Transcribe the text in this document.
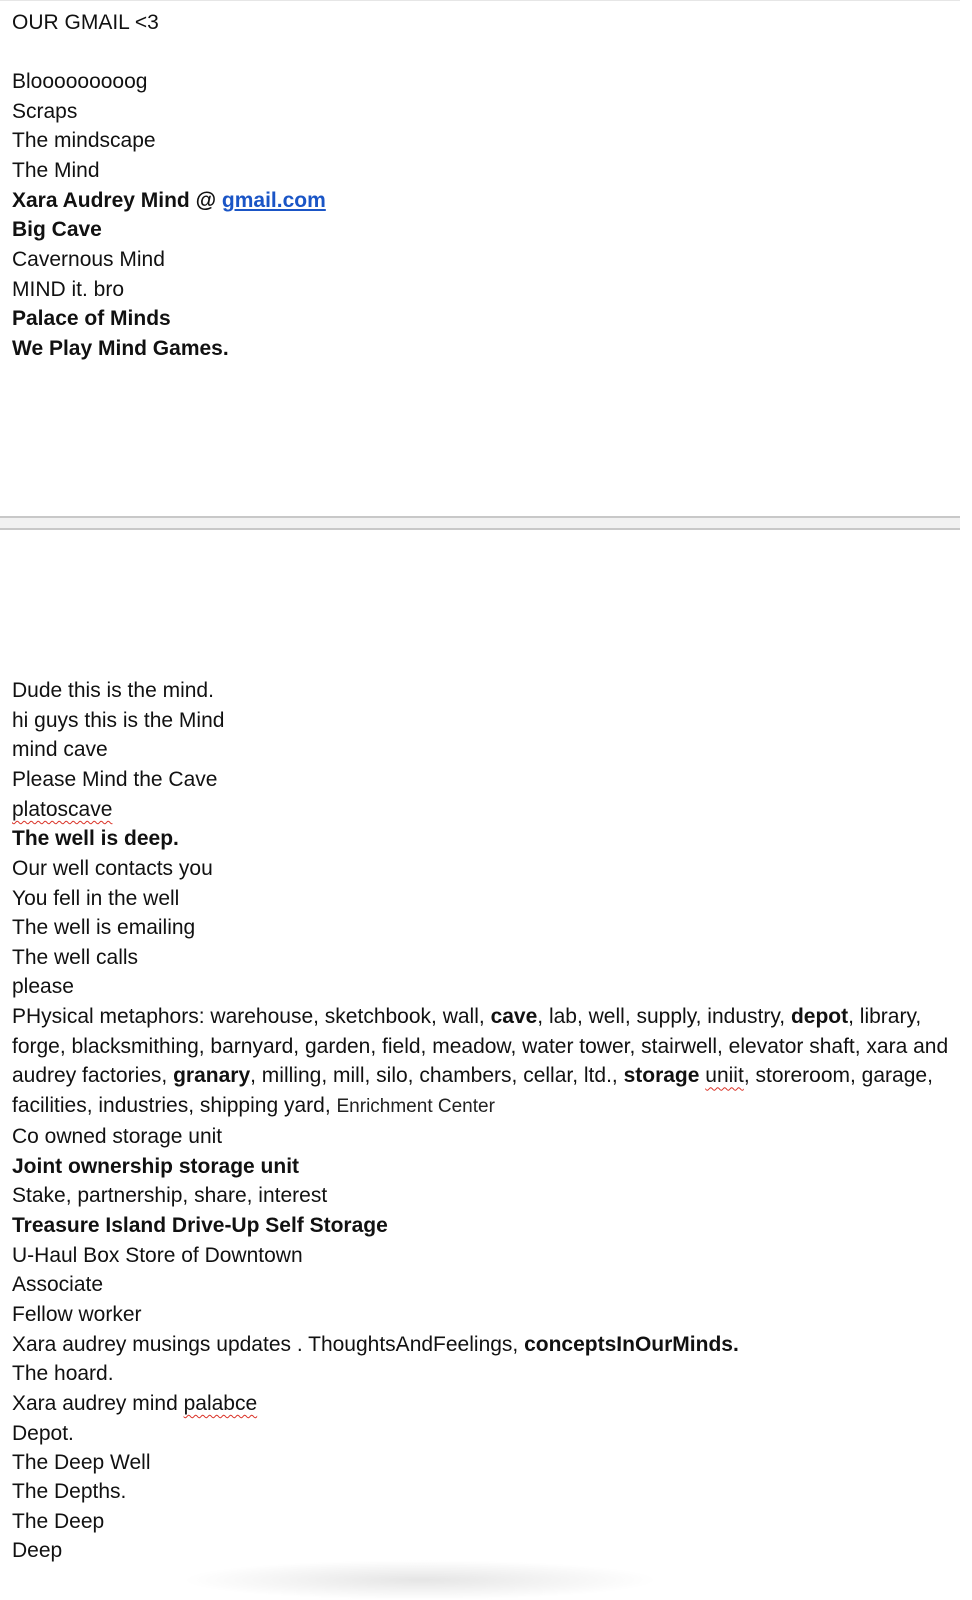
OUR GMAIL <3

Blooooooooog

Scraps

The mindscape

The Mind

Xara Audrey Mind @ gmail.com

Big Cave

Cavernous Mind

MIND it. bro

Palace of Minds

We Play Mind Games.

Dude this is the mind.

hi guys this is the Mind

mind cave

Please Mind the Cave

platoscave

The well is deep.

Our well contacts you

You fell in the well

The well is emailing

The well calls

please

PHysical metaphors: warehouse, sketchbook, wall, cave, lab, well, supply, industry, depot, library, forge, blacksmithing, barnyard, garden, field, meadow, water tower, stairwell, elevator shaft, xara and audrey factories, granary, milling, mill, silo, chambers, cellar, ltd., storage uniit, storeroom, garage, facilities, industries, shipping yard, Enrichment Center

Co owned storage unit

Joint ownership storage unit

Stake, partnership, share, interest

Treasure Island Drive-Up Self Storage

U-Haul Box Store of Downtown

Associate

Fellow worker

Xara audrey musings updates . ThoughtsAndFeelings, conceptsInOurMinds.

The hoard.

Xara audrey mind palabce

Depot.

The Deep Well

The Depths.

The Deep

Deep
